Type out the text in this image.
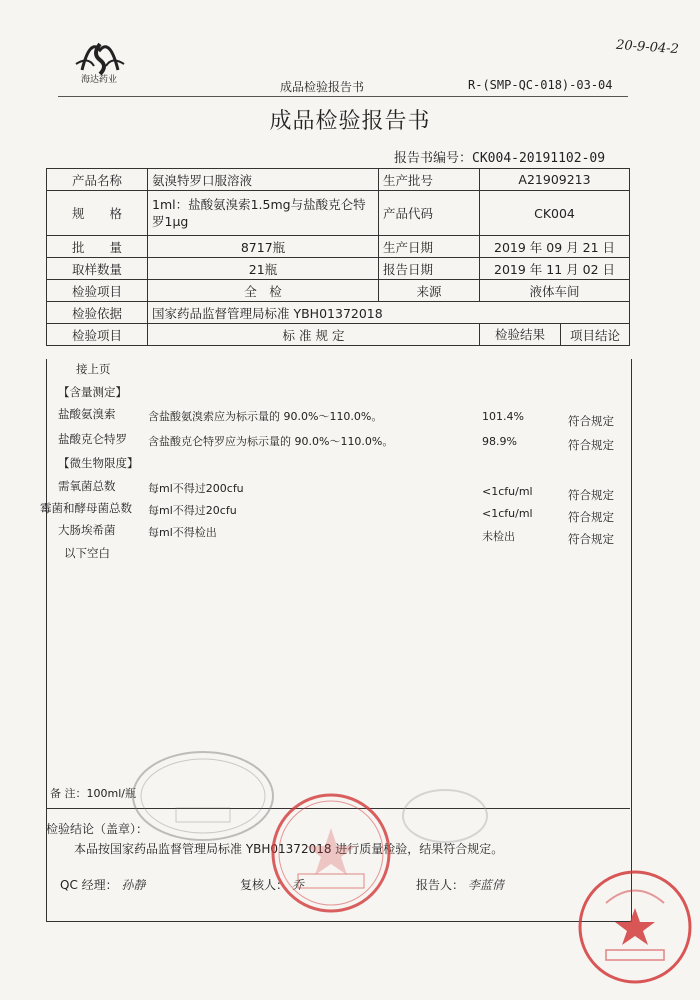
海达药业	成品检验报告书	R-(SMP-QC-018)-03-04
20-9-04-2
成品检验报告书
报告书编号：CK004-20191102-09
产品名称	氨溴特罗口服溶液	生产批号	A21909213
规　　格	1ml：盐酸氨溴索1.5mg与盐酸克仑特罗1μg	产品代码	CK004
批　　量	8717瓶	生产日期	2019 年 09 月 21 日
取样数量	21瓶	报告日期	2019 年 11 月 02 日
检验项目	全　检	来源	液体车间
检验依据	国家药品监督管理局标准 YBH01372018		
检验项目	标 准 规 定		检验结果 项目结论
接上页
【含量测定】
盐酸氨溴索	含盐酸氨溴索应为标示量的 90.0%～110.0%。	101.4%	符合规定
盐酸克仑特罗 含盐酸克仑特罗应为标示量的 90.0%～110.0%。	98.9%	符合规定
【微生物限度】
需氧菌总数	每ml不得过200cfu	<1cfu/ml	符合规定
霉菌和酵母菌总数 每ml不得过20cfu	<1cfu/ml	符合规定
大肠埃希菌	每ml不得检出	未检出	符合规定
以下空白
备 注：100ml/瓶
检验结论（盖章）：
本品按国家药品监督管理局标准 YBH01372018 进行质量检验，结果符合规定。
QC 经理： 孙静	复核人： 乔	报告人： 李蓝倩
